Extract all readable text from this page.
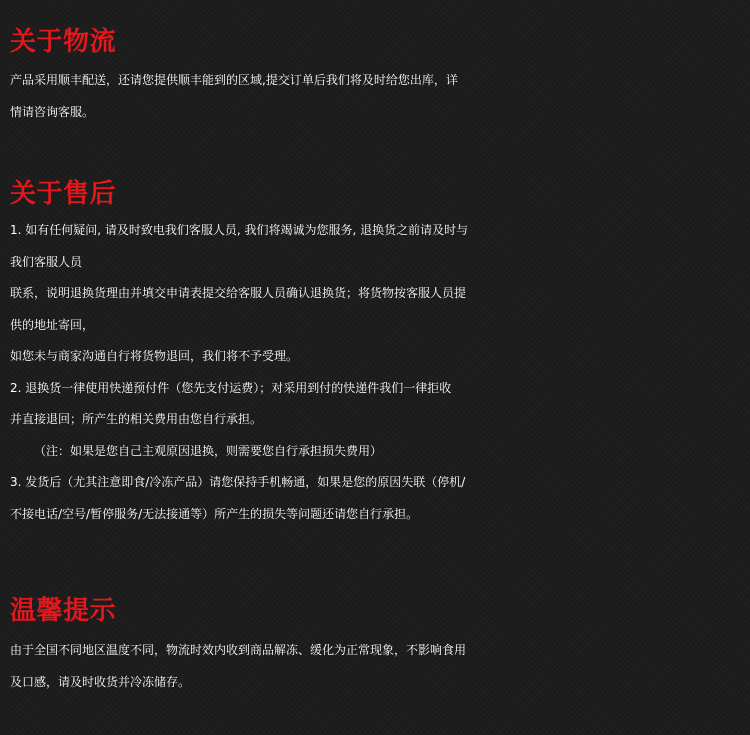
关于物流
产品采用顺丰配送，还请您提供顺丰能到的区域,提交订单后我们将及时给您出库，详
情请咨询客服。
关于售后
1. 如有任何疑问, 请及时致电我们客服人员, 我们将竭诚为您服务, 退换货之前请及时与
我们客服人员
联系，说明退换货理由并填交申请表提交给客服人员确认退换货；将货物按客服人员提
供的地址寄回，
如您未与商家沟通自行将货物退回，我们将不予受理。
2. 退换货一律使用快递预付件（您先支付运费）；对采用到付的快递件我们一律拒收
并直接退回；所产生的相关费用由您自行承担。
（注：如果是您自己主观原因退换，则需要您自行承担损失费用）
3. 发货后（尤其注意即食/冷冻产品）请您保持手机畅通，如果是您的原因失联（停机/
不接电话/空号/暂停服务/无法接通等）所产生的损失等问题还请您自行承担。
温馨提示
由于全国不同地区温度不同，物流时效内收到商品解冻、缓化为正常现象，不影响食用
及口感，请及时收货并冷冻储存。
